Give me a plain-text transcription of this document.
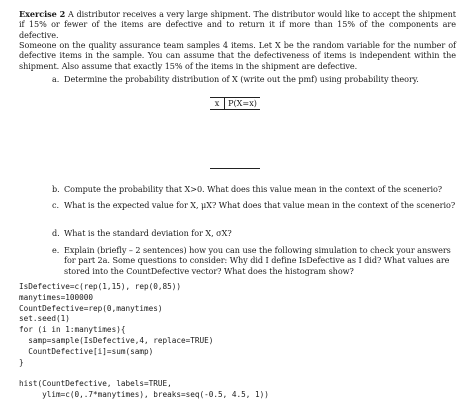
Exercise 2 A distributor receives a very large shipment. The distributor would like to accept the shipment if 15% or fewer of the items are defective and to return it if more than 15% of the components are defective.

Someone on the quality assurance team samples 4 items. Let X be the random variable for the number of defective items in the sample. You can assume that the defectiveness of items is independent within the shipment. Also assume that exactly 15% of the items in the shipment are defective.

a. Determine the probability distribution of X (write out the pmf) using probability theory.
x	P(X=x)
b. Compute the probability that X>0. What does this value mean in the context of the scenerio?
c. What is the expected value for X, μX? What does that value mean in the context of the scenerio?
d. What is the standard deviation for X, σX?
e. Explain (briefly – 2 sentences) how you can use the following simulation to check your answers for part 2a. Some questions to consider: Why did I define IsDefective as I did? What values are stored into the CountDefective vector? What does the histogram show?
IsDefective=c(rep(1,15), rep(0,85))
manytimes=100000
CountDefective=rep(0,manytimes)
set.seed(1)
for (i in 1:manytimes){
samp=sample(IsDefective,4, replace=TRUE)
CountDefective[i]=sum(samp)
}

hist(CountDefective, labels=TRUE,
ylim=c(0,.7*manytimes), breaks=seq(-0.5, 4.5, 1))
